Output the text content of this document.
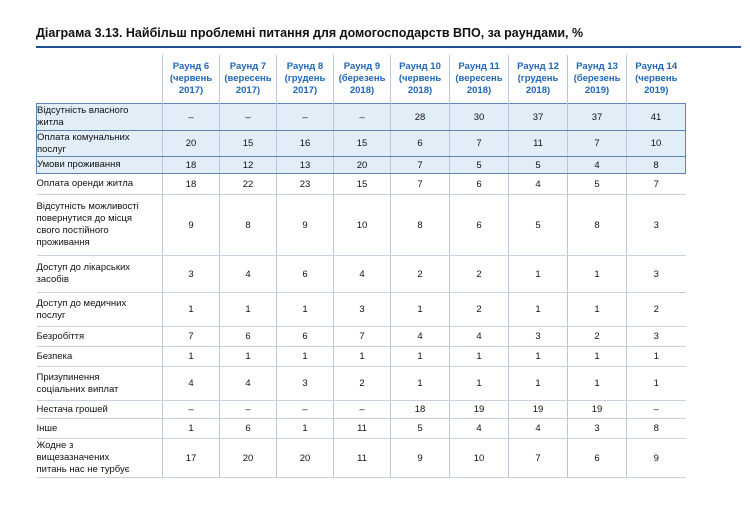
Діаграма 3.13. Найбільш проблемні питання для домогосподарств ВПО, за раундами, %
	Раунд 6
(червень
2017)	Раунд 7
(вересень
2017)	Раунд 8
(грудень
2017)	Раунд 9
(березень
2018)	Раунд 10
(червень
2018)	Раунд 11
(вересень
2018)	Раунд 12
(грудень
2018)	Раунд 13
(березень
2019)	Раунд 14
(червень
2019)
Відсутність власного
житла	–	–	–	–	28	30	37	37	41
Оплата комунальних
послуг	20	15	16	15	6	7	11	7	10
Умови проживання	18	12	13	20	7	5	5	4	8
Оплата оренди житла	18	22	23	15	7	6	4	5	7
Відсутність можливості
повернутися до місця
свого постійного
проживання	9	8	9	10	8	6	5	8	3
Доступ до лікарських
засобів	3	4	6	4	2	2	1	1	3
Доступ до медичних
послуг	1	1	1	3	1	2	1	1	2
Безробіття	7	6	6	7	4	4	3	2	3
Безпека	1	1	1	1	1	1	1	1	1
Призупинення
соціальних виплат	4	4	3	2	1	1	1	1	1
Нестача грошей	–	–	–	–	18	19	19	19	–
Інше	1	6	1	11	5	4	4	3	8
Жодне з
вищезазначених
питань нас не турбує	17	20	20	11	9	10	7	6	9
